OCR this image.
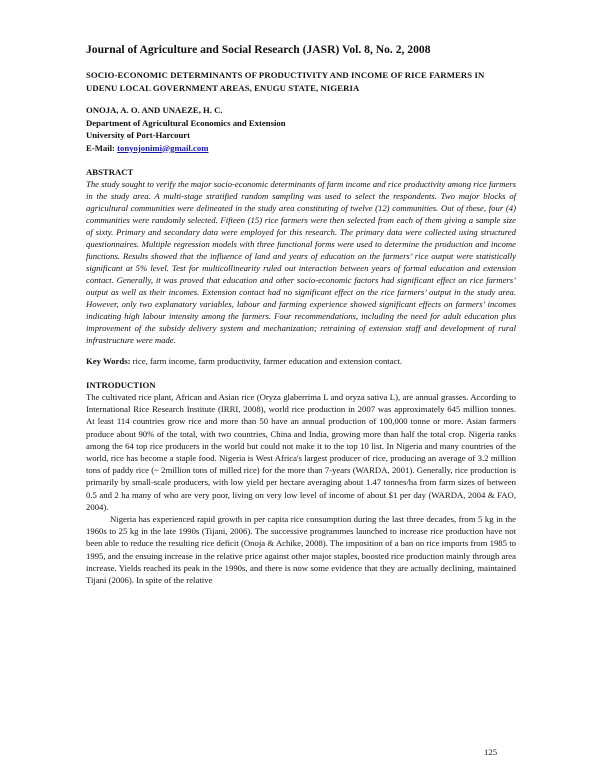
Journal of Agriculture and Social Research (JASR) Vol. 8, No. 2, 2008
SOCIO-ECONOMIC DETERMINANTS OF PRODUCTIVITY AND INCOME OF RICE FARMERS IN UDENU LOCAL GOVERNMENT AREAS, ENUGU STATE, NIGERIA
ONOJA, A. O. AND UNAEZE, H. C.
Department of Agricultural Economics and Extension
University of Port-Harcourt
E-Mail: tonyojonimi@gmail.com
ABSTRACT
The study sought to verify the major socio-economic determinants of farm income and rice productivity among rice farmers in the study area. A multi-stage stratified random sampling was used to select the respondents. Two major blocks of agricultural communities were delineated in the study area constituting of twelve (12) communities. Out of these, four (4) communities were randomly selected. Fifteen (15) rice farmers were then selected from each of them giving a sample size of sixty. Primary and secondary data were employed for this research. The primary data were collected using structured questionnaires. Multiple regression models with three functional forms were used to determine the production and income functions. Results showed that the influence of land and years of education on the farmers’ rice output were statistically significant at 5% level. Test for multicollinearity ruled out interaction between years of formal education and extension contact. Generally, it was proved that education and other socio-economic factors had significant effect on rice farmers’ output as well as their incomes. Extension contact had no significant effect on the rice farmers’ output in the study area. However, only two explanatory variables, labour and farming experience showed significant effects on farmers’ incomes indicating high labour intensity among the farmers. Four recommendations, including the need for adult education plus improvement of the subsidy delivery system and mechanization; retraining of extension staff and development of rural infrastructure were made.
Key Words: rice, farm income, farm productivity, farmer education and extension contact.
INTRODUCTION
The cultivated rice plant, African and Asian rice (Oryza glaberrima L and oryza sativa L), are annual grasses. According to International Rice Research Institute (IRRI, 2008), world rice production in 2007 was approximately 645 million tonnes. At least 114 countries grow rice and more than 50 have an annual production of 100,000 tonne or more. Asian farmers produce about 90% of the total, with two countries, China and India, growing more than half the total crop. Nigeria ranks among the 64 top rice producers in the world but could not make it to the top 10 list. In Nigeria and many countries of the world, rice has become a staple food. Nigeria is West Africa's largest producer of rice, producing an average of 3.2 million tons of paddy rice (~ 2million tons of milled rice) for the more than 7-years (WARDA, 2001). Generally, rice production is primarily by small-scale producers, with low yield per hectare averaging about 1.47 tonnes/ha from farm sizes of between 0.5 and 2 ha many of who are very poor, living on very low level of income of about $1 per day (WARDA, 2004 & FAO, 2004).
Nigeria has experienced rapid growth in per capita rice consumption during the last three decades, from 5 kg in the 1960s to 25 kg in the late 1990s (Tijani, 2006). The successive programmes launched to increase rice production have not been able to reduce the resulting rice deficit (Onoja & Achike, 2008). The imposition of a ban on rice imports from 1985 to 1995, and the ensuing increase in the relative price against other major staples, boosted rice production mainly through area increase. Yields reached its peak in the 1990s, and there is now some evidence that they are actually declining, maintained Tijani (2006). In spite of the relative
125
